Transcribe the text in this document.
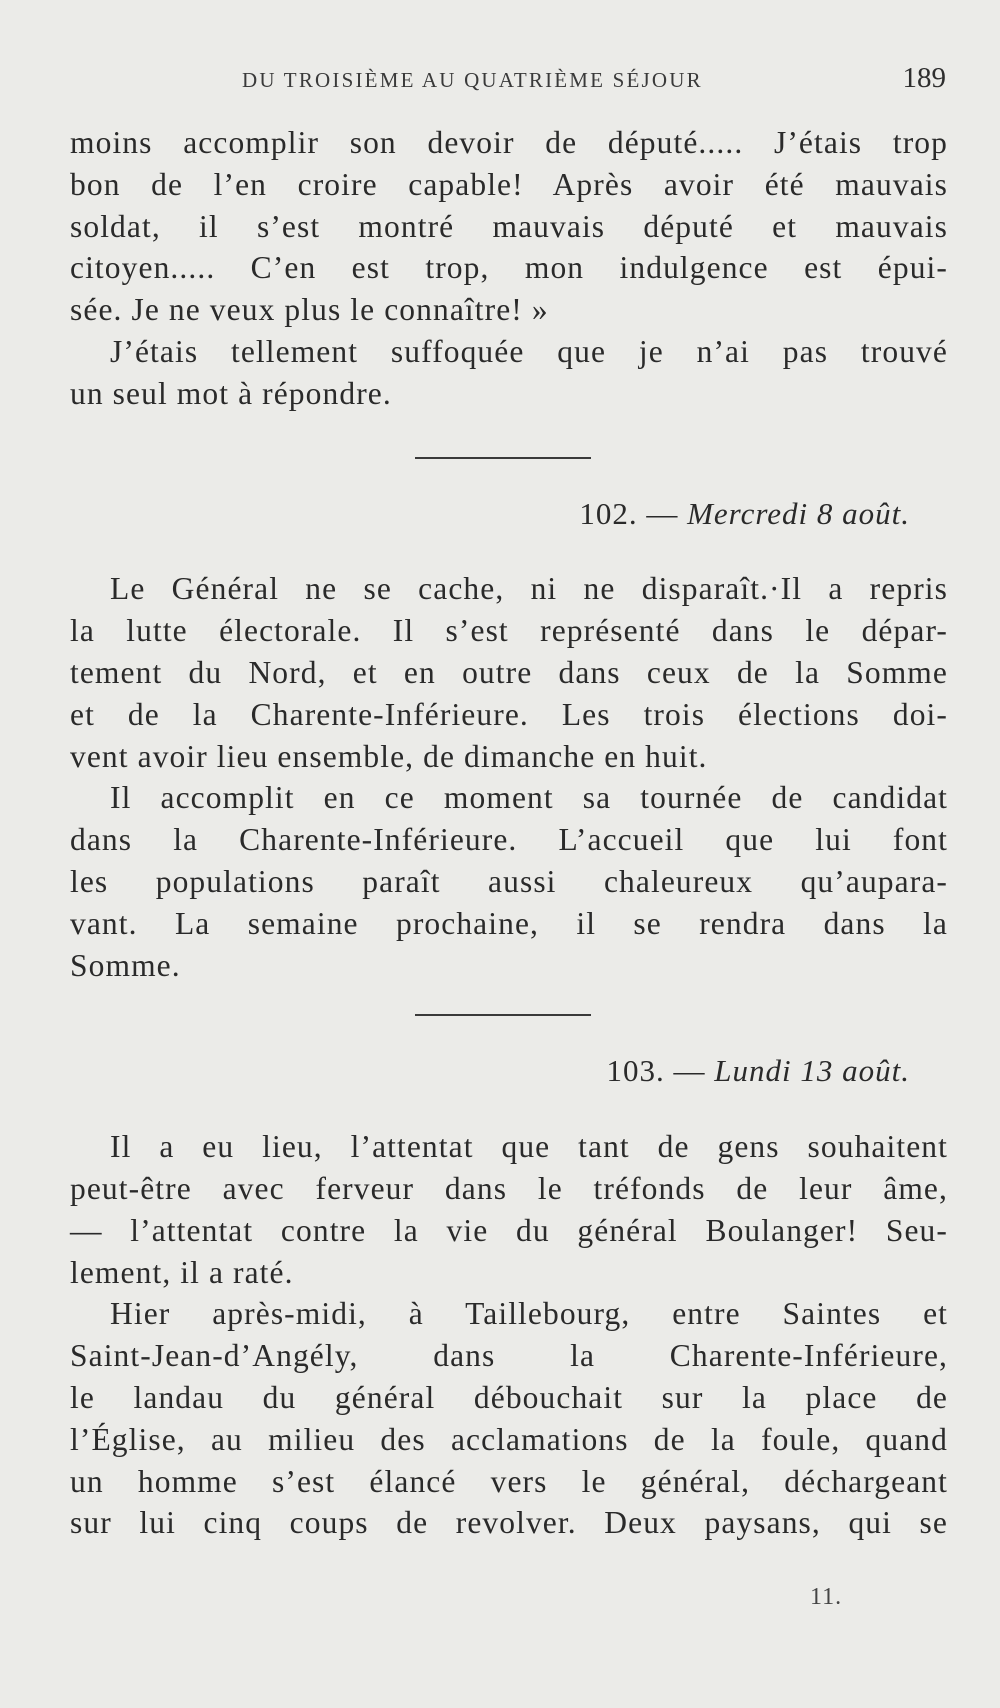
DU TROISIÈME AU QUATRIÈME SÉJOUR	189

moins accomplir son devoir de député..... J’étais trop
bon de l’en croire capable! Après avoir été mauvais
soldat, il s’est montré mauvais député et mauvais
citoyen..... C’en est trop, mon indulgence est épui-
sée. Je ne veux plus le connaître! »

J’étais tellement suffoquée que je n’ai pas trouvé
un seul mot à répondre.

102. — Mercredi 8 août.

Le Général ne se cache, ni ne disparaît.·Il a repris
la lutte électorale. Il s’est représenté dans le dépar-
tement du Nord, et en outre dans ceux de la Somme
et de la Charente-Inférieure. Les trois élections doi-
vent avoir lieu ensemble, de dimanche en huit.

Il accomplit en ce moment sa tournée de candidat
dans la Charente-Inférieure. L’accueil que lui font
les populations paraît aussi chaleureux qu’aupara-
vant. La semaine prochaine, il se rendra dans la
Somme.

103. — Lundi 13 août.

Il a eu lieu, l’attentat que tant de gens souhaitent
peut-être avec ferveur dans le tréfonds de leur âme,
— l’attentat contre la vie du général Boulanger! Seu-
lement, il a raté.

Hier après-midi, à Taillebourg, entre Saintes et
Saint-Jean-d’Angély, dans la Charente-Inférieure,
le landau du général débouchait sur la place de
l’Église, au milieu des acclamations de la foule, quand
un homme s’est élancé vers le général, déchargeant
sur lui cinq coups de revolver. Deux paysans, qui se

11.
